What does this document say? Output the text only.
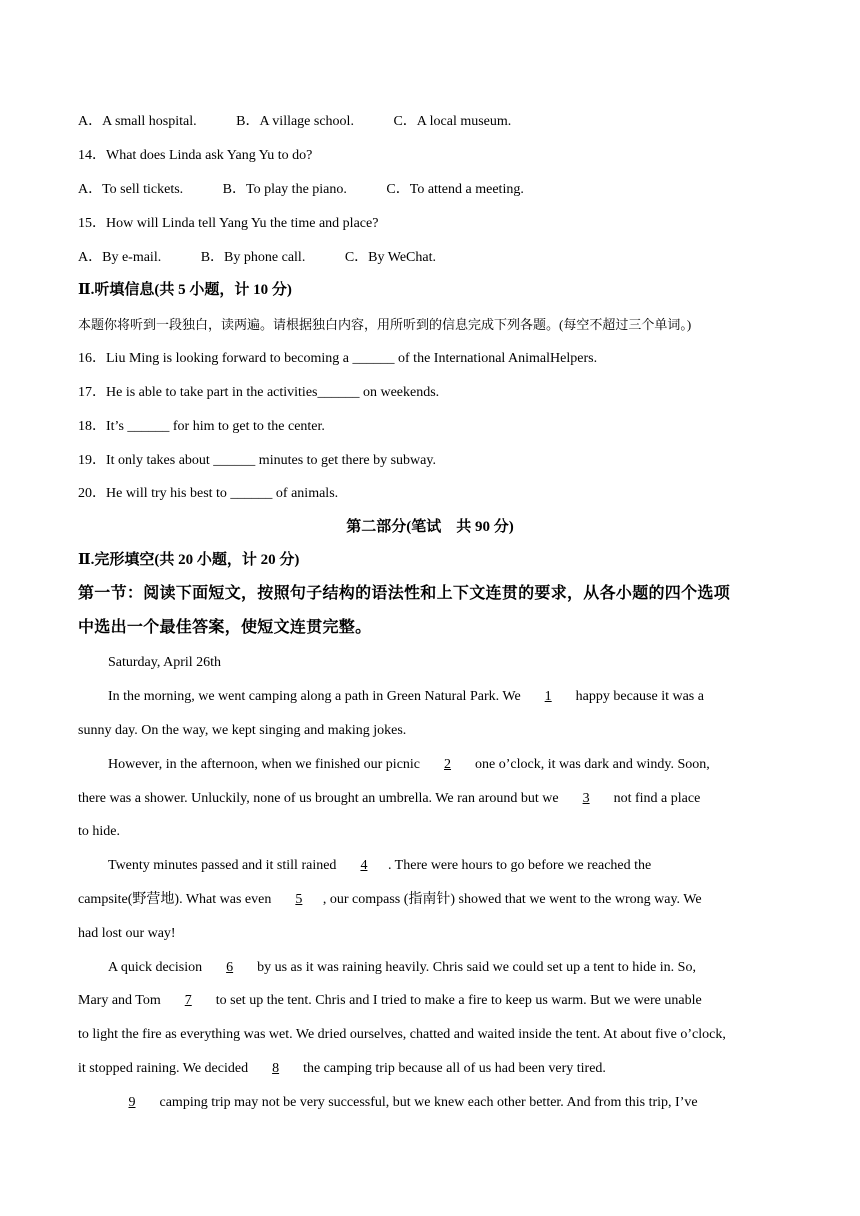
A．A small hospital.	B．A village school.	C．A local museum.
14．What does Linda ask Yang Yu to do?
A．To sell tickets.	B．To play the piano.	C．To attend a meeting.
15．How will Linda tell Yang Yu the time and place?
A．By e-mail.	B．By phone call.	C．By WeChat.
Ⅱ.听填信息(共 5 小题，计 10 分)
本题你将听到一段独白，读两遍。请根据独白内容，用所听到的信息完成下列各题。(每空不超过三个单词。)
16．Liu Ming is looking forward to becoming a ______ of the International AnimalHelpers.
17．He is able to take part in the activities______ on weekends.
18．It’s ______ for him to get to the center.
19．It only takes about ______ minutes to get there by subway.
20．He will try his best to ______ of animals.
第二部分(笔试　共 90 分)
Ⅱ.完形填空(共 20 小题，计 20 分)
第一节：阅读下面短文，按照句子结构的语法性和上下文连贯的要求，从各小题的四个选项
中选出一个最佳答案，使短文连贯完整。
Saturday, April 26th
In the morning, we went camping along a path in Green Natural Park. We 1 happy because it was a
sunny day. On the way, we kept singing and making jokes.
However, in the afternoon, when we finished our picnic 2 one o’clock, it was dark and windy. Soon,
there was a shower. Unluckily, none of us brought an umbrella. We ran around but we 3 not find a place
to hide.
Twenty minutes passed and it still rained 4 . There were hours to go before we reached the
campsite(野营地). What was even 5 , our compass (指南针) showed that we went to the wrong way. We
had lost our way!
A quick decision 6 by us as it was raining heavily. Chris said we could set up a tent to hide in. So,
Mary and Tom 7 to set up the tent. Chris and I tried to make a fire to keep us warm. But we were unable
to light the fire as everything was wet. We dried ourselves, chatted and waited inside the tent. At about five o’clock,
it stopped raining. We decided 8 the camping trip because all of us had been very tired.
9 camping trip may not be very successful, but we knew each other better. And from this trip, I’ve
